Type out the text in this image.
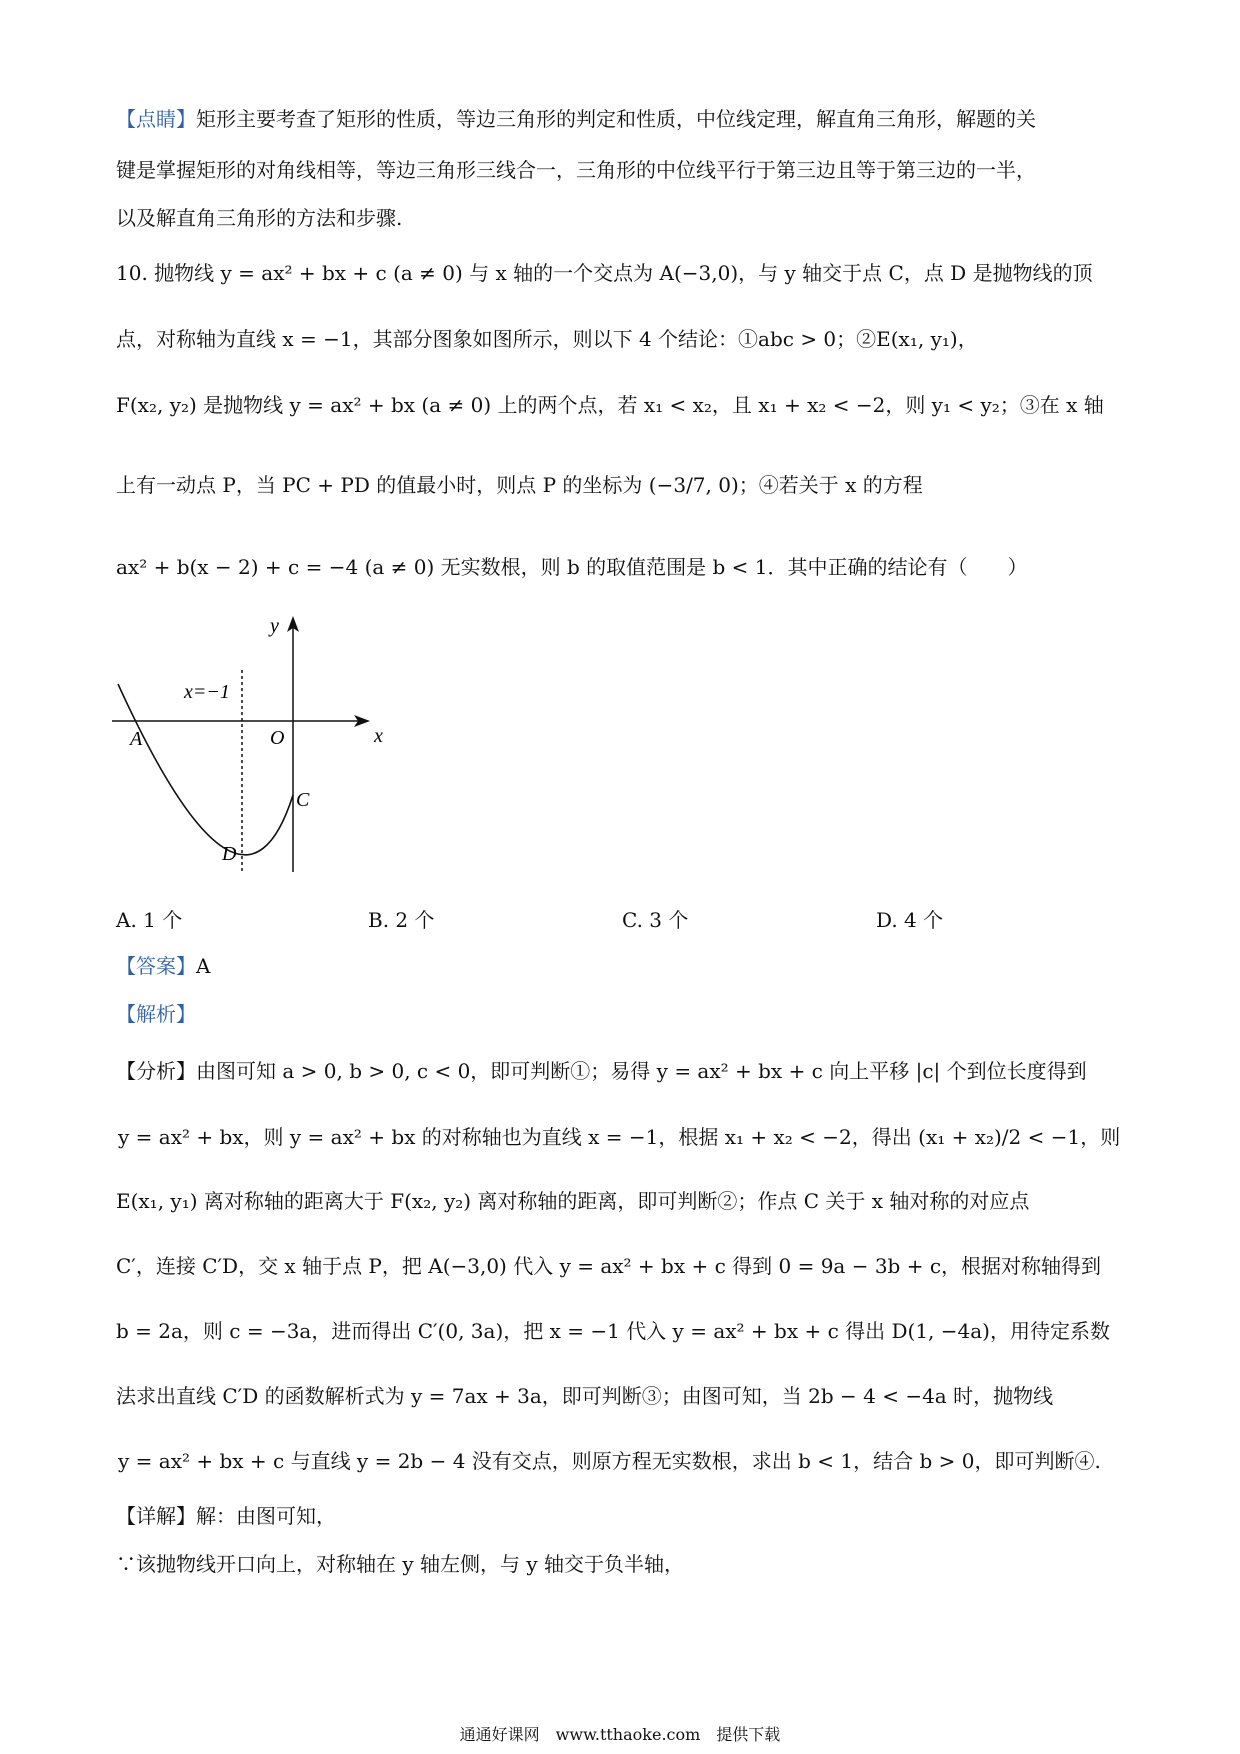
【点睛】矩形主要考查了矩形的性质，等边三角形的判定和性质，中位线定理，解直角三角形，解题的关
键是掌握矩形的对角线相等，等边三角形三线合一，三角形的中位线平行于第三边且等于第三边的一半，
以及解直角三角形的方法和步骤.
10. 抛物线 y = ax² + bx + c (a ≠ 0) 与 x 轴的一个交点为 A(−3,0)，与 y 轴交于点 C，点 D 是抛物线的顶
点，对称轴为直线 x = −1，其部分图象如图所示，则以下 4 个结论：①abc > 0；②E(x₁, y₁)，
F(x₂, y₂) 是抛物线 y = ax² + bx (a ≠ 0) 上的两个点，若 x₁ < x₂，且 x₁ + x₂ < −2，则 y₁ < y₂；③在 x 轴
上有一动点 P，当 PC + PD 的值最小时，则点 P 的坐标为 (−3/7, 0)；④若关于 x 的方程
ax² + b(x − 2) + c = −4 (a ≠ 0) 无实数根，则 b 的取值范围是 b < 1．其中正确的结论有（　　）
y
x
O
x=−1
A
C
D
A. 1 个	B. 2 个	C. 3 个	D. 4 个
【答案】A
【解析】
【分析】由图可知 a > 0, b > 0, c < 0，即可判断①；易得 y = ax² + bx + c 向上平移 |c| 个到位长度得到
y = ax² + bx，则 y = ax² + bx 的对称轴也为直线 x = −1，根据 x₁ + x₂ < −2，得出 (x₁ + x₂)/2 < −1，则
E(x₁, y₁) 离对称轴的距离大于 F(x₂, y₂) 离对称轴的距离，即可判断②；作点 C 关于 x 轴对称的对应点
C′，连接 C′D，交 x 轴于点 P，把 A(−3,0) 代入 y = ax² + bx + c 得到 0 = 9a − 3b + c，根据对称轴得到
b = 2a，则 c = −3a，进而得出 C′(0, 3a)，把 x = −1 代入 y = ax² + bx + c 得出 D(1, −4a)，用待定系数
法求出直线 C′D 的函数解析式为 y = 7ax + 3a，即可判断③；由图可知，当 2b − 4 < −4a 时，抛物线
y = ax² + bx + c 与直线 y = 2b − 4 没有交点，则原方程无实数根，求出 b < 1，结合 b > 0，即可判断④.
【详解】解：由图可知，
∵该抛物线开口向上，对称轴在 y 轴左侧，与 y 轴交于负半轴，
通通好课网　www.tthaoke.com　提供下载
